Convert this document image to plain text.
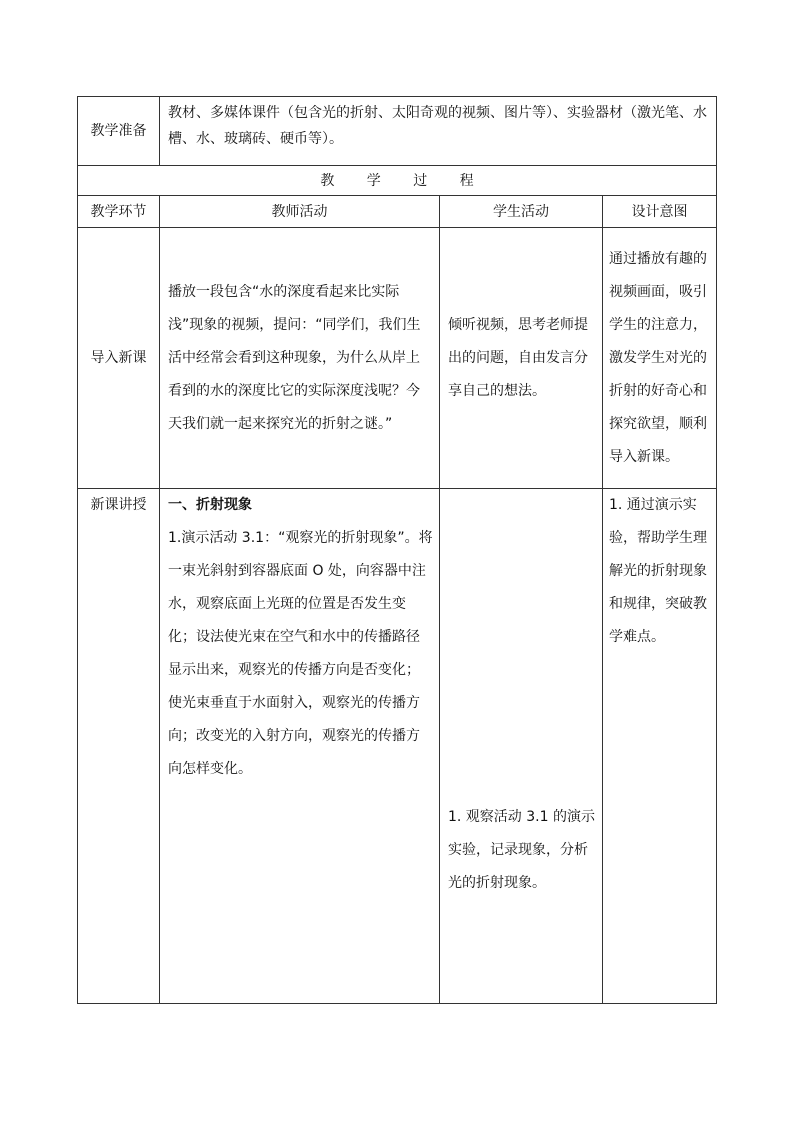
教学准备	教材、多媒体课件（包含光的折射、太阳奇观的视频、图片等）、实验器材（激光笔、水槽、水、玻璃砖、硬币等）。		

教 学 过 程			
教学环节	教师活动	学生活动	设计意图
导入新课	播放一段包含“水的深度看起来比实际浅”现象的视频，提问：“同学们，我们生活中经常会看到这种现象，为什么从岸上看到的水的深度比它的实际深度浅呢？今天我们就一起来探究光的折射之谜。”	倾听视频，思考老师提出的问题，自由发言分享自己的想法。	通过播放有趣的视频画面，吸引学生的注意力，激发学生对光的折射的好奇心和探究欲望，顺利导入新课。

新课讲授	一、折射现象

1.演示活动 3.1：“观察光的折射现象”。将一束光斜射到容器底面 O 处，向容器中注水，观察底面上光斑的位置是否发生变化；设法使光束在空气和水中的传播路径显示出来，观察光的传播方向是否变化；使光束垂直于水面射入，观察光的传播方向；改变光的入射方向，观察光的传播方向怎样变化。	1. 观察活动 3.1 的演示实验，记录现象，分析光的折射现象。	1. 通过演示实验，帮助学生理解光的折射现象和规律，突破教学难点。
